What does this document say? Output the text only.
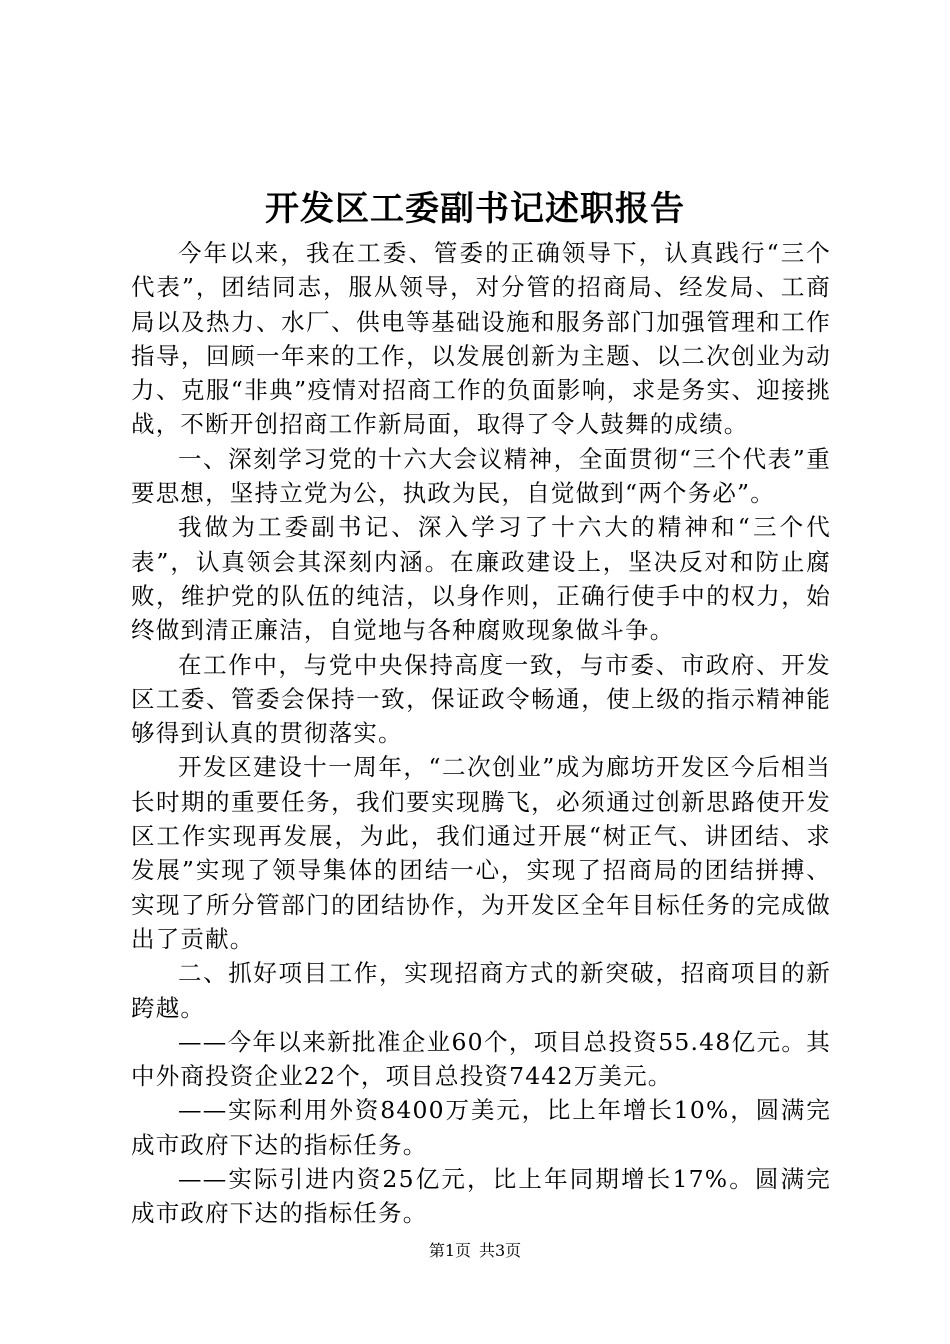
开发区工委副书记述职报告

今年以来，我在工委、管委的正确领导下，认真践行“三个代表”，团结同志，服从领导，对分管的招商局、经发局、工商局以及热力、水厂、供电等基础设施和服务部门加强管理和工作指导，回顾一年来的工作，以发展创新为主题、以二次创业为动力、克服“非典”疫情对招商工作的负面影响，求是务实、迎接挑战，不断开创招商工作新局面，取得了令人鼓舞的成绩。

一、深刻学习党的十六大会议精神，全面贯彻“三个代表”重要思想，坚持立党为公，执政为民，自觉做到“两个务必”。

我做为工委副书记、深入学习了十六大的精神和“三个代表”，认真领会其深刻内涵。在廉政建设上，坚决反对和防止腐败，维护党的队伍的纯洁，以身作则，正确行使手中的权力，始终做到清正廉洁，自觉地与各种腐败现象做斗争。

在工作中，与党中央保持高度一致，与市委、市政府、开发区工委、管委会保持一致，保证政令畅通，使上级的指示精神能够得到认真的贯彻落实。

开发区建设十一周年，“二次创业”成为廊坊开发区今后相当长时期的重要任务，我们要实现腾飞，必须通过创新思路使开发区工作实现再发展，为此，我们通过开展“树正气、讲团结、求发展”实现了领导集体的团结一心，实现了招商局的团结拼搏、实现了所分管部门的团结协作，为开发区全年目标任务的完成做出了贡献。

二、抓好项目工作，实现招商方式的新突破，招商项目的新跨越。

——今年以来新批准企业60个，项目总投资55.48亿元。其中外商投资企业22个，项目总投资7442万美元。

——实际利用外资8400万美元，比上年增长10%，圆满完成市政府下达的指标任务。

——实际引进内资25亿元，比上年同期增长17%。圆满完成市政府下达的指标任务。

第1页 共3页
